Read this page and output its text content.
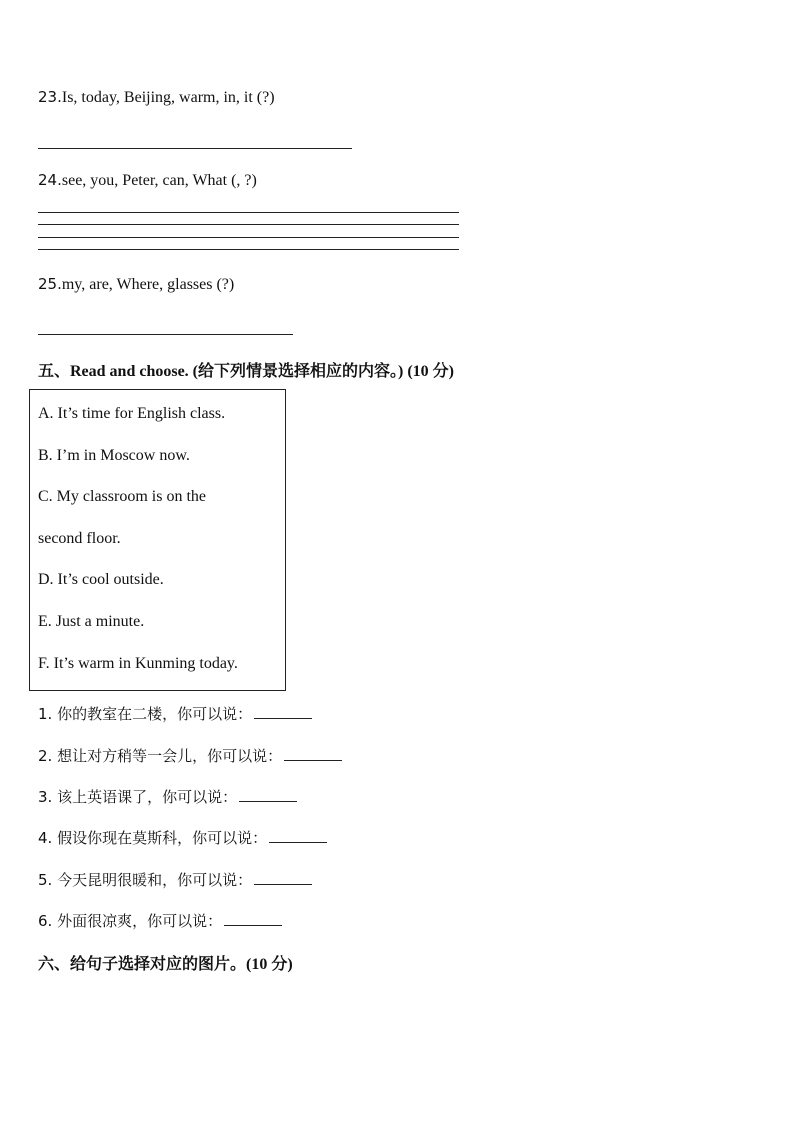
23.Is, today, Beijing, warm, in, it (?)
24.see, you, Peter, can, What (, ?)
25.my, are, Where, glasses (?)
五、Read and choose. (给下列情景选择相应的内容。) (10 分)
A. It’s time for English class.
B. I’m in Moscow now.
C. My classroom is on the
second floor.
D. It’s cool outside.
E. Just a minute.
F. It’s warm in Kunming today.
1. 你的教室在二楼，你可以说：
2. 想让对方稍等一会儿，你可以说：
3. 该上英语课了，你可以说：
4. 假设你现在莫斯科，你可以说：
5. 今天昆明很暖和，你可以说：
6. 外面很凉爽，你可以说：
六、给句子选择对应的图片。(10 分)
